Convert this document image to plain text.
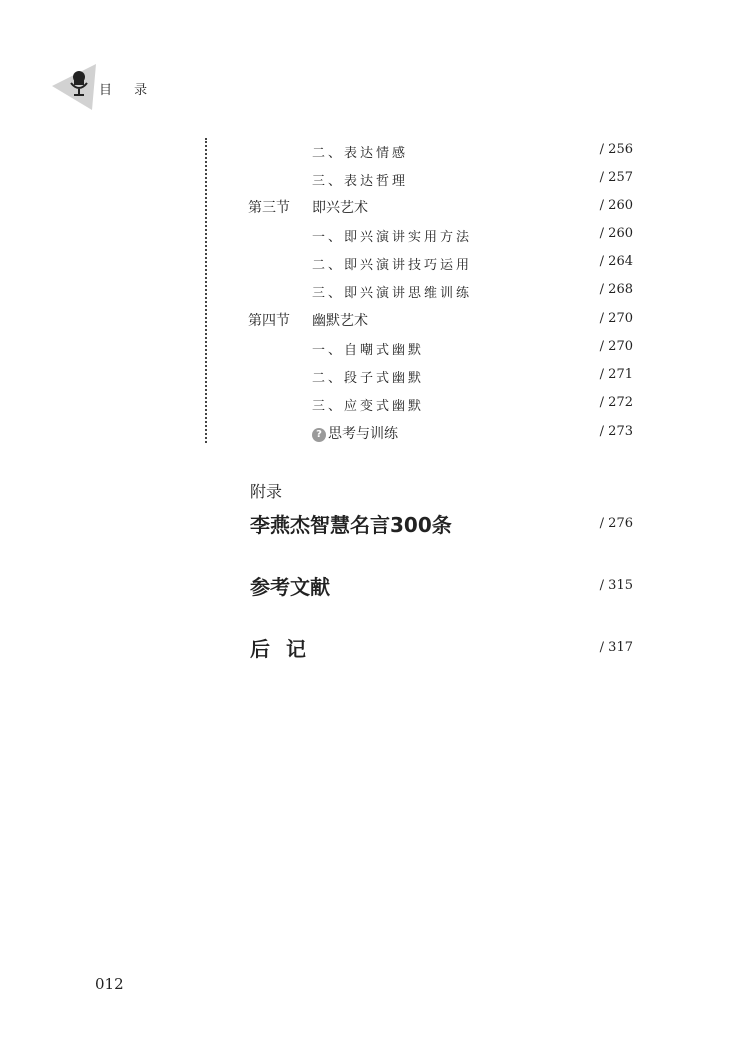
目 录
二、表达情感	/ 256
三、表达哲理	/ 257
第三节 即兴艺术	/ 260
一、即兴演讲实用方法	/ 260
二、即兴演讲技巧运用	/ 264
三、即兴演讲思维训练	/ 268
第四节 幽默艺术	/ 270
一、自嘲式幽默	/ 270
二、段子式幽默	/ 271
三、应变式幽默	/ 272
? 思考与训练	/ 273
附录
李燕杰智慧名言300条	/ 276
参考文献	/ 315
后记	/ 317
012
